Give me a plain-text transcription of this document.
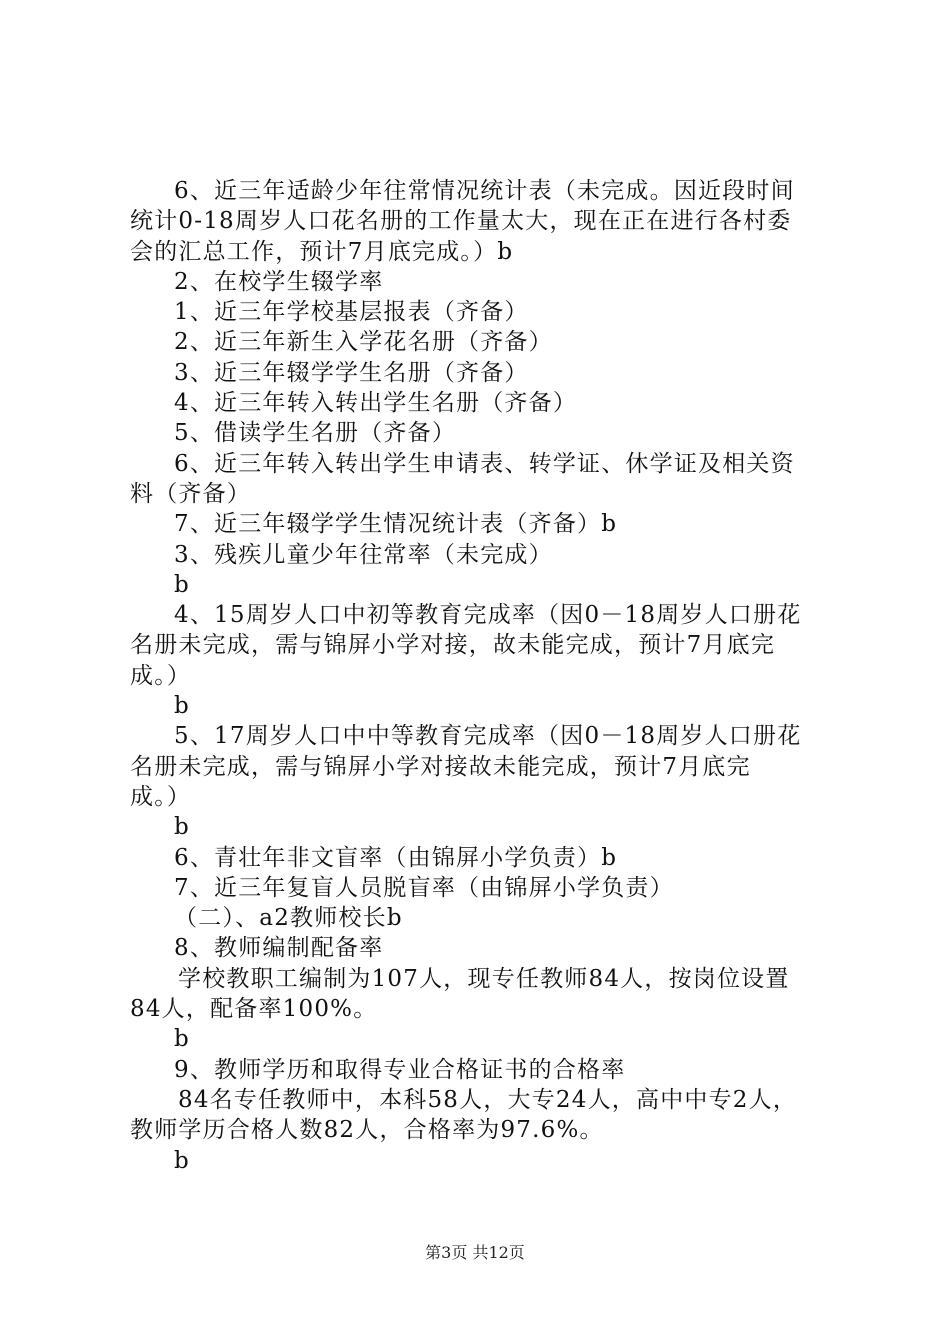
6、近三年适龄少年往常情况统计表（未完成。因近段时间
统计0-18周岁人口花名册的工作量太大，现在正在进行各村委
会的汇总工作，预计7月底完成。）b
2、在校学生辍学率
1、近三年学校基层报表（齐备）
2、近三年新生入学花名册（齐备）
3、近三年辍学学生名册（齐备）
4、近三年转入转出学生名册（齐备）
5、借读学生名册（齐备）
6、近三年转入转出学生申请表、转学证、休学证及相关资
料（齐备）
7、近三年辍学学生情况统计表（齐备）b
3、残疾儿童少年往常率（未完成）
b
4、15周岁人口中初等教育完成率（因0－18周岁人口册花
名册未完成，需与锦屏小学对接，故未能完成，预计7月底完
成。）
b
5、17周岁人口中中等教育完成率（因0－18周岁人口册花
名册未完成，需与锦屏小学对接故未能完成，预计7月底完
成。）
b
6、青壮年非文盲率（由锦屏小学负责）b
7、近三年复盲人员脱盲率（由锦屏小学负责）
（二）、a2教师校长b
8、教师编制配备率
学校教职工编制为107人，现专任教师84人，按岗位设置
84人，配备率100%。
b
9、教师学历和取得专业合格证书的合格率
84名专任教师中，本科58人，大专24人，高中中专2人，
教师学历合格人数82人，合格率为97.6%。
b
第3页 共12页
